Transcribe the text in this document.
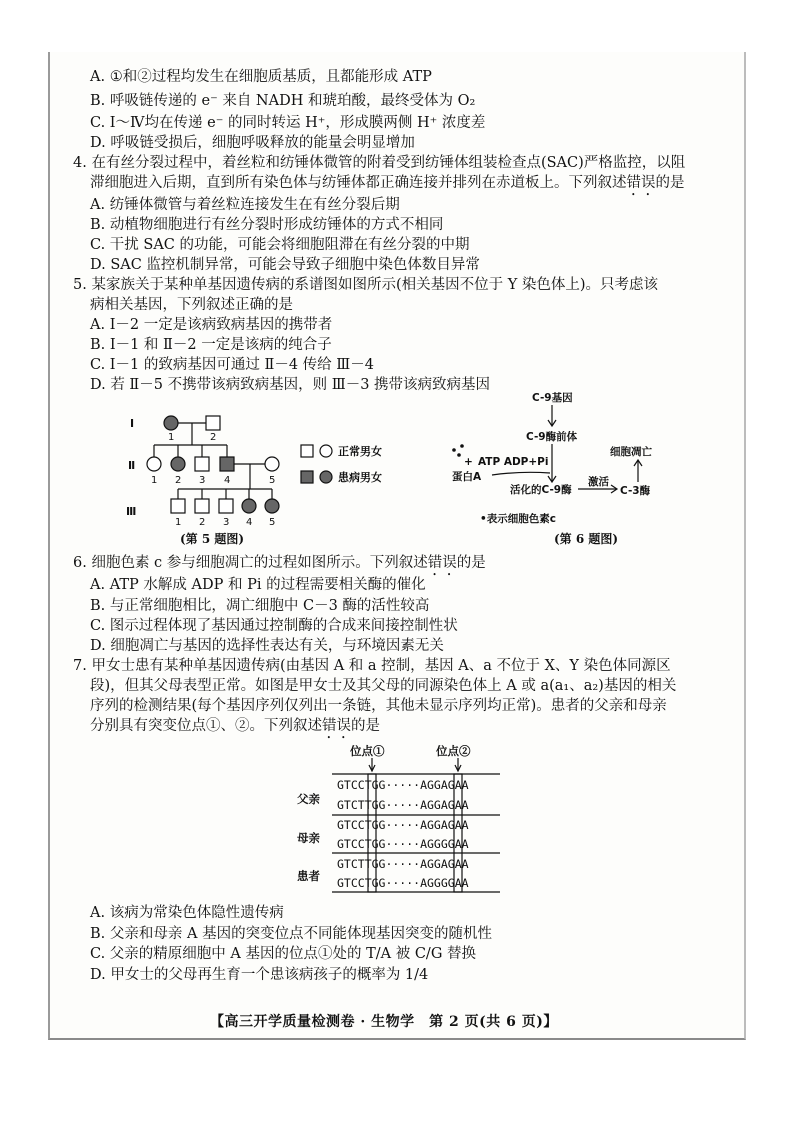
A. ①和②过程均发生在细胞质基质，且都能形成 ATP
B. 呼吸链传递的 e⁻ 来自 NADH 和琥珀酸，最终受体为 O₂
C. Ⅰ～Ⅳ均在传递 e⁻ 的同时转运 H⁺，形成膜两侧 H⁺ 浓度差
D. 呼吸链受损后，细胞呼吸释放的能量会明显增加
4. 在有丝分裂过程中，着丝粒和纺锤体微管的附着受到纺锤体组装检查点(SAC)严格监控，以阻
滞细胞进入后期，直到所有染色体与纺锤体都正确连接并排列在赤道板上。下列叙述错误的是
A. 纺锤体微管与着丝粒连接发生在有丝分裂后期
B. 动植物细胞进行有丝分裂时形成纺锤体的方式不相同
C. 干扰 SAC 的功能，可能会将细胞阻滞在有丝分裂的中期
D. SAC 监控机制异常，可能会导致子细胞中染色体数目异常
5. 某家族关于某种单基因遗传病的系谱图如图所示(相关基因不位于 Y 染色体上)。只考虑该
病相关基因，下列叙述正确的是
A. Ⅰ－2 一定是该病致病基因的携带者
B. Ⅰ－1 和 Ⅱ－2 一定是该病的纯合子
C. Ⅰ－1 的致病基因可通过 Ⅱ－4 传给 Ⅲ－4
D. 若 Ⅱ－5 不携带该病致病基因，则 Ⅲ－3 携带该病致病基因
Ⅰ
Ⅱ
Ⅲ
1	2
1 2 3 4	5
1 2 3 4 5
正常男女
患病男女
(第 5 题图)
C-9基因
C-9酶前体
ATP ADP+Pi
+
蛋白A
活化的C-9酶
激活
C-3酶
细胞凋亡
•表示细胞色素c
(第 6 题图)
6. 细胞色素 c 参与细胞凋亡的过程如图所示。下列叙述错误的是
A. ATP 水解成 ADP 和 Pi 的过程需要相关酶的催化
B. 与正常细胞相比，凋亡细胞中 C－3 酶的活性较高
C. 图示过程体现了基因通过控制酶的合成来间接控制性状
D. 细胞凋亡与基因的选择性表达有关，与环境因素无关
7. 甲女士患有某种单基因遗传病(由基因 A 和 a 控制，基因 A、a 不位于 X、Y 染色体同源区
段)，但其父母表型正常。如图是甲女士及其父母的同源染色体上 A 或 a(a₁、a₂)基因的相关
序列的检测结果(每个基因序列仅列出一条链，其他未显示序列均正常)。患者的父亲和母亲
分别具有突变位点①、②。下列叙述错误的是
位点①	位点②
父亲
母亲
患者
GTCCTGG·····AGGAGAA
GTCTTGG·····AGGAGAA
GTCCTGG·····AGGAGAA
GTCCTGG·····AGGGGAA
GTCTTGG·····AGGAGAA
GTCCTGG·····AGGGGAA
A. 该病为常染色体隐性遗传病
B. 父亲和母亲 A 基因的突变位点不同能体现基因突变的随机性
C. 父亲的精原细胞中 A 基因的位点①处的 T/A 被 C/G 替换
D. 甲女士的父母再生育一个患该病孩子的概率为 1/4
【高三开学质量检测卷 · 生物学　第 2 页(共 6 页)】
